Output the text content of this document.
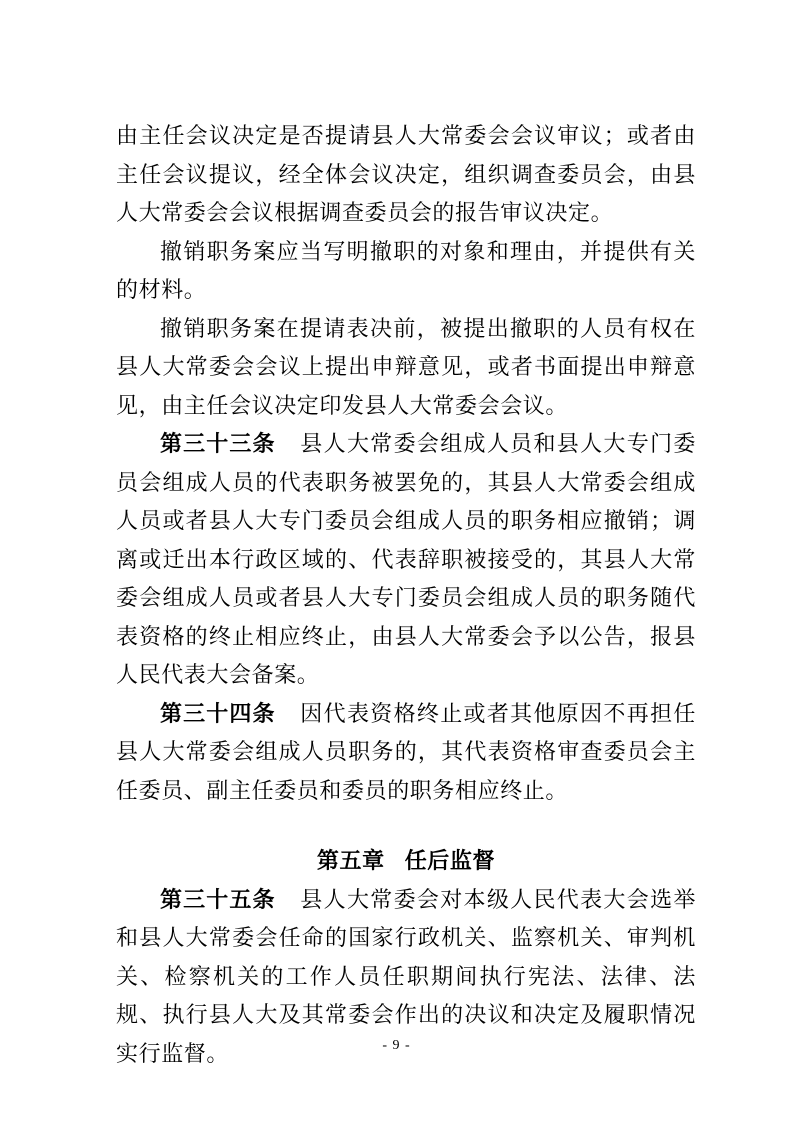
由主任会议决定是否提请县人大常委会会议审议；或者由主任会议提议，经全体会议决定，组织调查委员会，由县人大常委会会议根据调查委员会的报告审议决定。

撤销职务案应当写明撤职的对象和理由，并提供有关的材料。

撤销职务案在提请表决前，被提出撤职的人员有权在县人大常委会会议上提出申辩意见，或者书面提出申辩意见，由主任会议决定印发县人大常委会会议。

第三十三条 县人大常委会组成人员和县人大专门委员会组成人员的代表职务被罢免的，其县人大常委会组成人员或者县人大专门委员会组成人员的职务相应撤销；调离或迁出本行政区域的、代表辞职被接受的，其县人大常委会组成人员或者县人大专门委员会组成人员的职务随代表资格的终止相应终止，由县人大常委会予以公告，报县人民代表大会备案。

第三十四条 因代表资格终止或者其他原因不再担任县人大常委会组成人员职务的，其代表资格审查委员会主任委员、副主任委员和委员的职务相应终止。

第五章 任后监督

第三十五条 县人大常委会对本级人民代表大会选举和县人大常委会任命的国家行政机关、监察机关、审判机关、检察机关的工作人员任职期间执行宪法、法律、法规、执行县人大及其常委会作出的决议和决定及履职情况实行监督。	- 9 -
